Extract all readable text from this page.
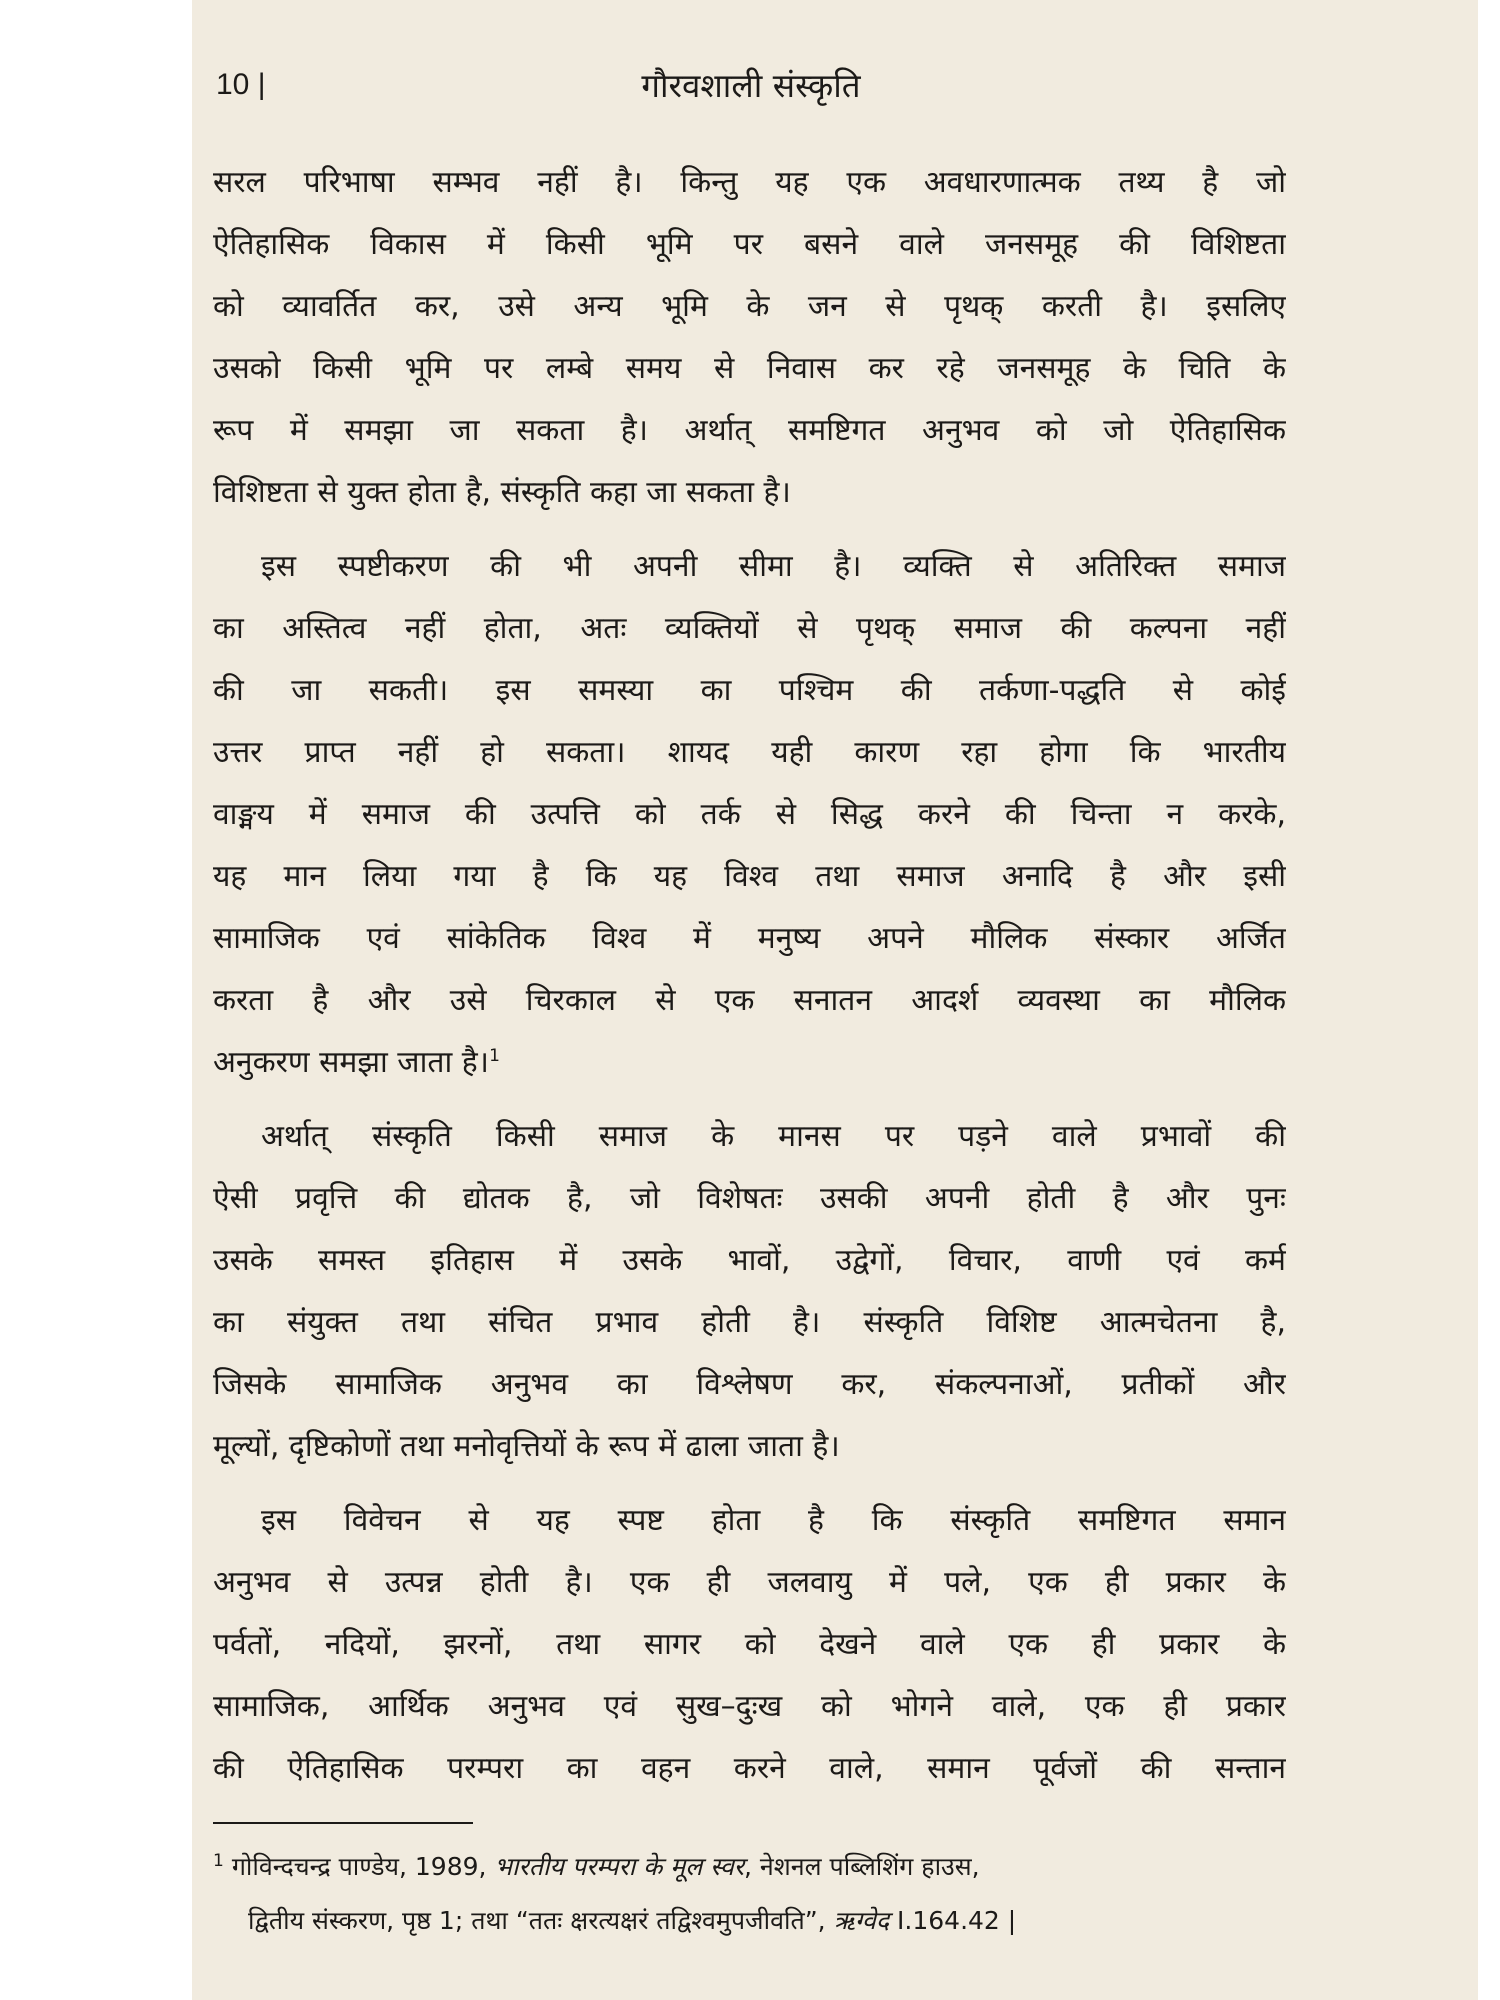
10 |	गौरवशाली संस्कृति
सरल परिभाषा सम्भव नहीं है। किन्तु यह एक अवधारणात्मक तथ्य है जो
ऐतिहासिक विकास में किसी भूमि पर बसने वाले जनसमूह की विशिष्टता
को व्यावर्तित कर, उसे अन्य भूमि के जन से पृथक् करती है। इसलिए
उसको किसी भूमि पर लम्बे समय से निवास कर रहे जनसमूह के चिति के
रूप में समझा जा सकता है। अर्थात् समष्टिगत अनुभव को जो ऐतिहासिक
विशिष्टता से युक्त होता है, संस्कृति कहा जा सकता है।
इस स्पष्टीकरण की भी अपनी सीमा है। व्यक्ति से अतिरिक्त समाज
का अस्तित्व नहीं होता, अतः व्यक्तियों से पृथक् समाज की कल्पना नहीं
की जा सकती। इस समस्या का पश्चिम की तर्कणा-पद्धति से कोई
उत्तर प्राप्त नहीं हो सकता। शायद यही कारण रहा होगा कि भारतीय
वाङ्मय में समाज की उत्पत्ति को तर्क से सिद्ध करने की चिन्ता न करके,
यह मान लिया गया है कि यह विश्व तथा समाज अनादि है और इसी
सामाजिक एवं सांकेतिक विश्व में मनुष्य अपने मौलिक संस्कार अर्जित
करता है और उसे चिरकाल से एक सनातन आदर्श व्यवस्था का मौलिक
अनुकरण समझा जाता है।$^1$
अर्थात् संस्कृति किसी समाज के मानस पर पड़ने वाले प्रभावों की
ऐसी प्रवृत्ति की द्योतक है, जो विशेषतः उसकी अपनी होती है और पुनः
उसके समस्त इतिहास में उसके भावों, उद्वेगों, विचार, वाणी एवं कर्म
का संयुक्त तथा संचित प्रभाव होती है। संस्कृति विशिष्ट आत्मचेतना है,
जिसके सामाजिक अनुभव का विश्लेषण कर, संकल्पनाओं, प्रतीकों और
मूल्यों, दृष्टिकोणों तथा मनोवृत्तियों के रूप में ढाला जाता है।
इस विवेचन से यह स्पष्ट होता है कि संस्कृति समष्टिगत समान
अनुभव से उत्पन्न होती है। एक ही जलवायु में पले, एक ही प्रकार के
पर्वतों, नदियों, झरनों, तथा सागर को देखने वाले एक ही प्रकार के
सामाजिक, आर्थिक अनुभव एवं सुख–दुःख को भोगने वाले, एक ही प्रकार
की ऐतिहासिक परम्परा का वहन करने वाले, समान पूर्वजों की सन्तान
$^1$ गोविन्दचन्द्र पाण्डेय, 1989, भारतीय परम्परा के मूल स्वर, नेशनल पब्लिशिंग हाउस,
द्वितीय संस्करण, पृष्ठ 1; तथा “ततः क्षरत्यक्षरं तद्विश्वमुपजीवति”, ऋग्वेद I.164.42 |
